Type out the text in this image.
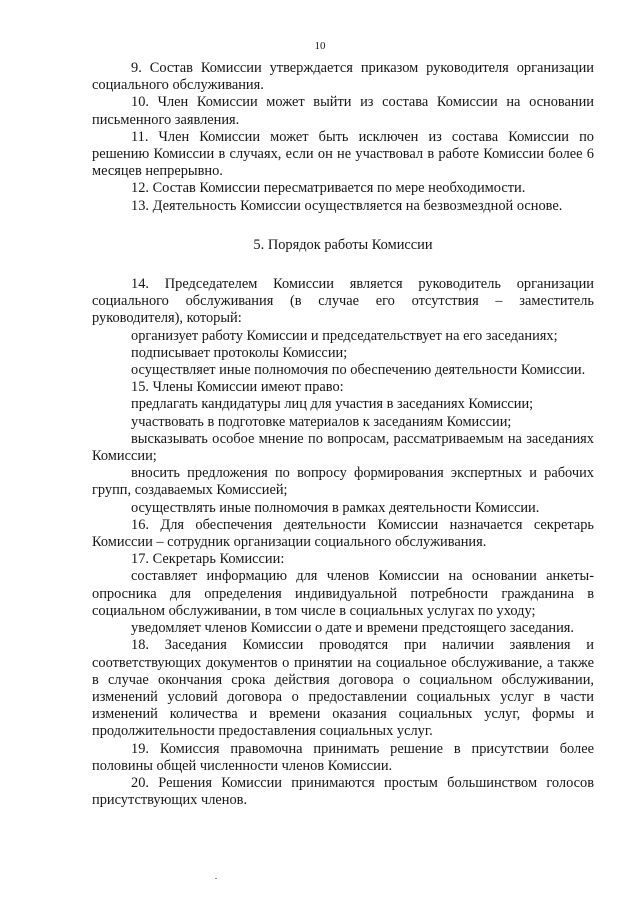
10

9. Состав Комиссии утверждается приказом руководителя организации социального обслуживания.

10. Член Комиссии может выйти из состава Комиссии на основании письменного заявления.

11. Член Комиссии может быть исключен из состава Комиссии по решению Комиссии в случаях, если он не участвовал в работе Комиссии более 6 месяцев непрерывно.

12. Состав Комиссии пересматривается по мере необходимости.

13. Деятельность Комиссии осуществляется на безвозмездной основе.

5. Порядок работы Комиссии

14. Председателем Комиссии является руководитель организации социального обслуживания (в случае его отсутствия – заместитель руководителя), который:

организует работу Комиссии и председательствует на его заседаниях;

подписывает протоколы Комиссии;

осуществляет иные полномочия по обеспечению деятельности Комиссии.

15. Члены Комиссии имеют право:

предлагать кандидатуры лиц для участия в заседаниях Комиссии;

участвовать в подготовке материалов к заседаниям Комиссии;

высказывать особое мнение по вопросам, рассматриваемым на заседаниях Комиссии;

вносить предложения по вопросу формирования экспертных и рабочих групп, создаваемых Комиссией;

осуществлять иные полномочия в рамках деятельности Комиссии.

16. Для обеспечения деятельности Комиссии назначается секретарь Комиссии – сотрудник организации социального обслуживания.

17. Секретарь Комиссии:

составляет информацию для членов Комиссии на основании анкеты-опросника для определения индивидуальной потребности гражданина в социальном обслуживании, в том числе в социальных услугах по уходу;

уведомляет членов Комиссии о дате и времени предстоящего заседания.

18. Заседания Комиссии проводятся при наличии заявления и соответствующих документов о принятии на социальное обслуживание, а также в случае окончания срока действия договора о социальном обслуживании, изменений условий договора о предоставлении социальных услуг в части изменений количества и времени оказания социальных услуг, формы и продолжительности предоставления социальных услуг.

19. Комиссия правомочна принимать решение в присутствии более половины общей численности членов Комиссии.

20. Решения Комиссии принимаются простым большинством голосов присутствующих членов.
